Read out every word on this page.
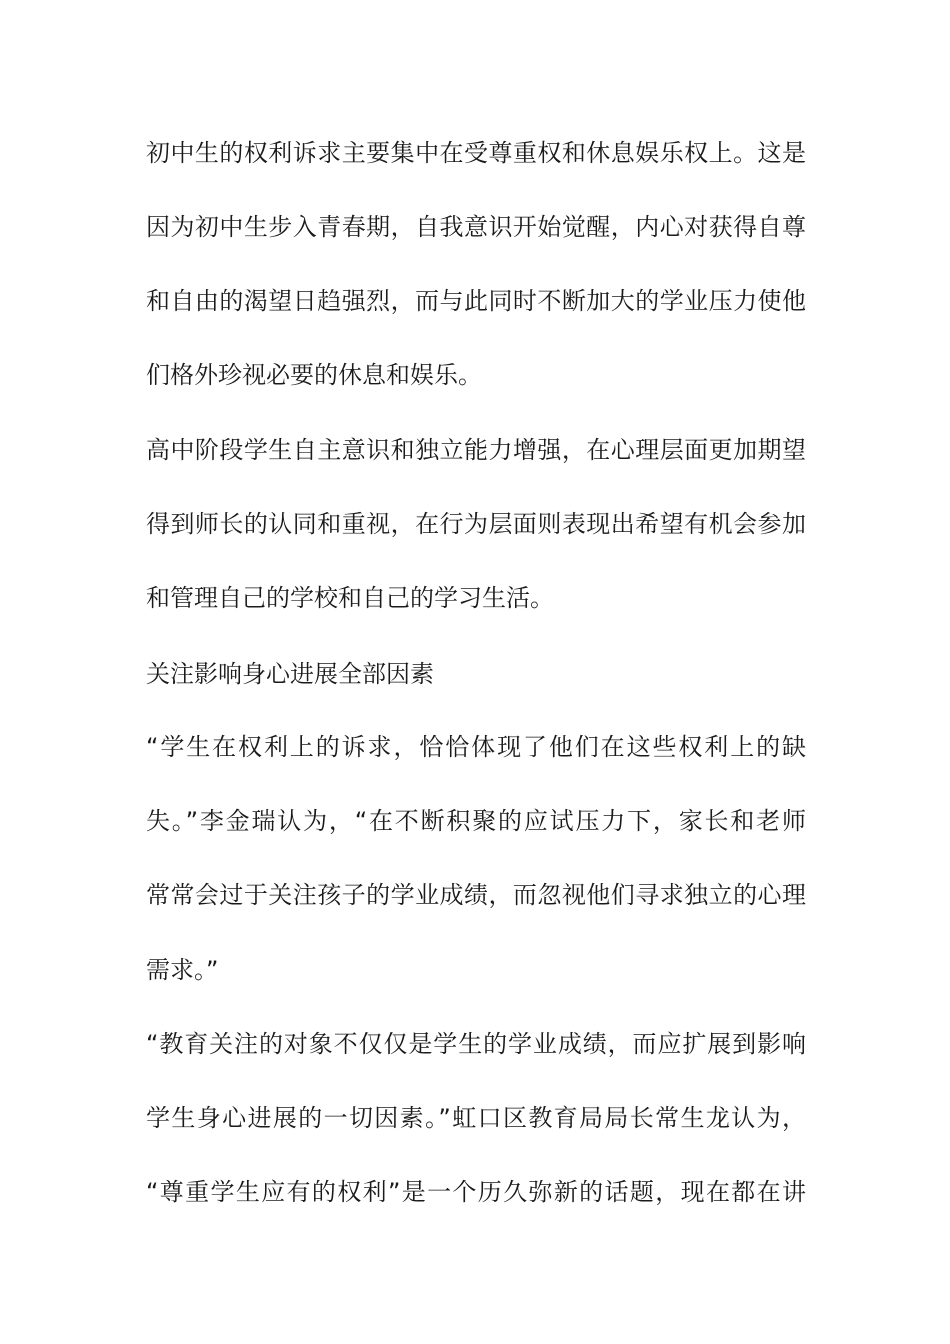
初中生的权利诉求主要集中在受尊重权和休息娱乐权上。这是
因为初中生步入青春期，自我意识开始觉醒，内心对获得自尊
和自由的渴望日趋强烈，而与此同时不断加大的学业压力使他
们格外珍视必要的休息和娱乐。
高中阶段学生自主意识和独立能力增强，在心理层面更加期望
得到师长的认同和重视，在行为层面则表现出希望有机会参加
和管理自己的学校和自己的学习生活。
关注影响身心进展全部因素
“学生在权利上的诉求，恰恰体现了他们在这些权利上的缺
失。”李金瑞认为，“在不断积聚的应试压力下，家长和老师
常常会过于关注孩子的学业成绩，而忽视他们寻求独立的心理
需求。”
“教育关注的对象不仅仅是学生的学业成绩，而应扩展到影响
学生身心进展的一切因素。”虹口区教育局局长常生龙认为，
“尊重学生应有的权利”是一个历久弥新的话题，现在都在讲
